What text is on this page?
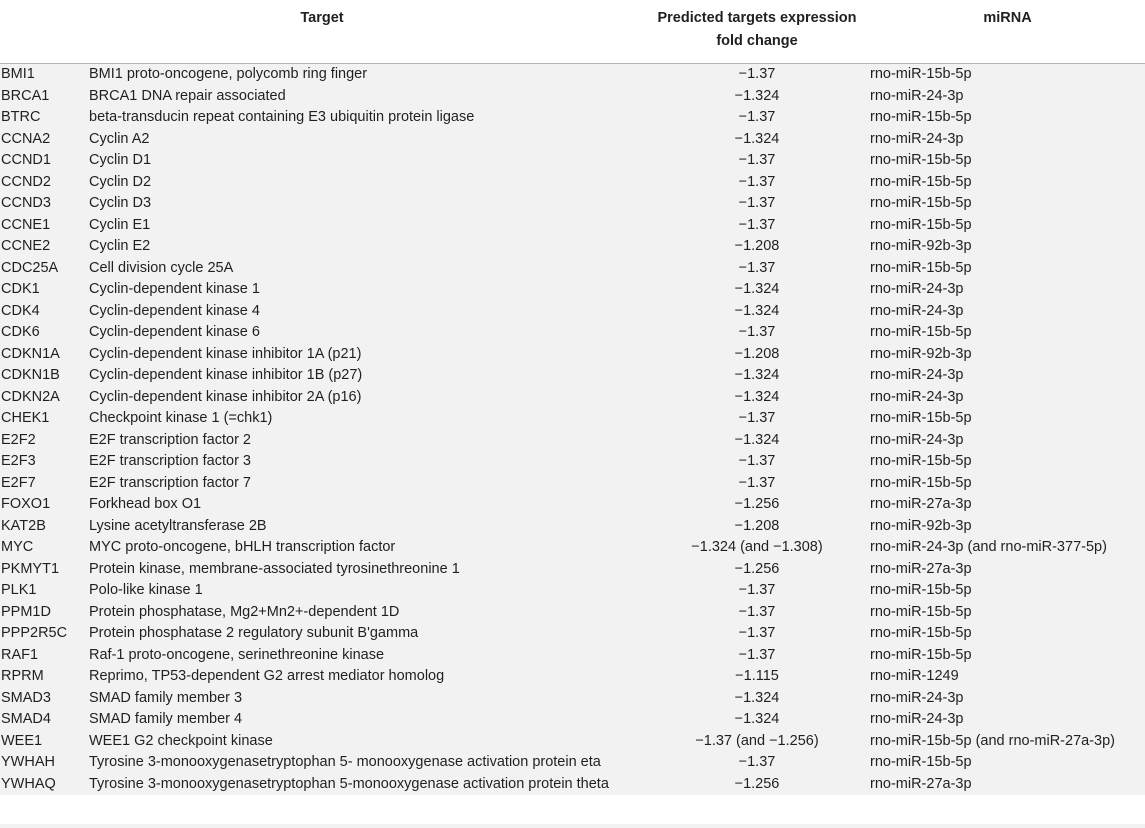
Target		Predicted targets expression fold change	miRNA
BMI1	BMI1 proto-oncogene, polycomb ring finger	−1.37	rno-miR-15b-5p
BRCA1	BRCA1 DNA repair associated	−1.324	rno-miR-24-3p
BTRC	beta-transducin repeat containing E3 ubiquitin protein ligase	−1.37	rno-miR-15b-5p
CCNA2	Cyclin A2	−1.324	rno-miR-24-3p
CCND1	Cyclin D1	−1.37	rno-miR-15b-5p
CCND2	Cyclin D2	−1.37	rno-miR-15b-5p
CCND3	Cyclin D3	−1.37	rno-miR-15b-5p
CCNE1	Cyclin E1	−1.37	rno-miR-15b-5p
CCNE2	Cyclin E2	−1.208	rno-miR-92b-3p
CDC25A	Cell division cycle 25A	−1.37	rno-miR-15b-5p
CDK1	Cyclin-dependent kinase 1	−1.324	rno-miR-24-3p
CDK4	Cyclin-dependent kinase 4	−1.324	rno-miR-24-3p
CDK6	Cyclin-dependent kinase 6	−1.37	rno-miR-15b-5p
CDKN1A	Cyclin-dependent kinase inhibitor 1A (p21)	−1.208	rno-miR-92b-3p
CDKN1B	Cyclin-dependent kinase inhibitor 1B (p27)	−1.324	rno-miR-24-3p
CDKN2A	Cyclin-dependent kinase inhibitor 2A (p16)	−1.324	rno-miR-24-3p
CHEK1	Checkpoint kinase 1 (=chk1)	−1.37	rno-miR-15b-5p
E2F2	E2F transcription factor 2	−1.324	rno-miR-24-3p
E2F3	E2F transcription factor 3	−1.37	rno-miR-15b-5p
E2F7	E2F transcription factor 7	−1.37	rno-miR-15b-5p
FOXO1	Forkhead box O1	−1.256	rno-miR-27a-3p
KAT2B	Lysine acetyltransferase 2B	−1.208	rno-miR-92b-3p
MYC	MYC proto-oncogene, bHLH transcription factor	−1.324 (and −1.308)	rno-miR-24-3p (and rno-miR-377-5p)
PKMYT1	Protein kinase, membrane-associated tyrosinethreonine 1	−1.256	rno-miR-27a-3p
PLK1	Polo-like kinase 1	−1.37	rno-miR-15b-5p
PPM1D	Protein phosphatase, Mg2+Mn2+-dependent 1D	−1.37	rno-miR-15b-5p
PPP2R5C	Protein phosphatase 2 regulatory subunit B'gamma	−1.37	rno-miR-15b-5p
RAF1	Raf-1 proto-oncogene, serinethreonine kinase	−1.37	rno-miR-15b-5p
RPRM	Reprimo, TP53-dependent G2 arrest mediator homolog	−1.115	rno-miR-1249
SMAD3	SMAD family member 3	−1.324	rno-miR-24-3p
SMAD4	SMAD family member 4	−1.324	rno-miR-24-3p
WEE1	WEE1 G2 checkpoint kinase	−1.37 (and −1.256)	rno-miR-15b-5p (and rno-miR-27a-3p)
YWHAH	Tyrosine 3-monooxygenasetryptophan 5- monooxygenase activation protein eta	−1.37	rno-miR-15b-5p
YWHAQ	Tyrosine 3-monooxygenasetryptophan 5-monooxygenase activation protein theta	−1.256	rno-miR-27a-3p
